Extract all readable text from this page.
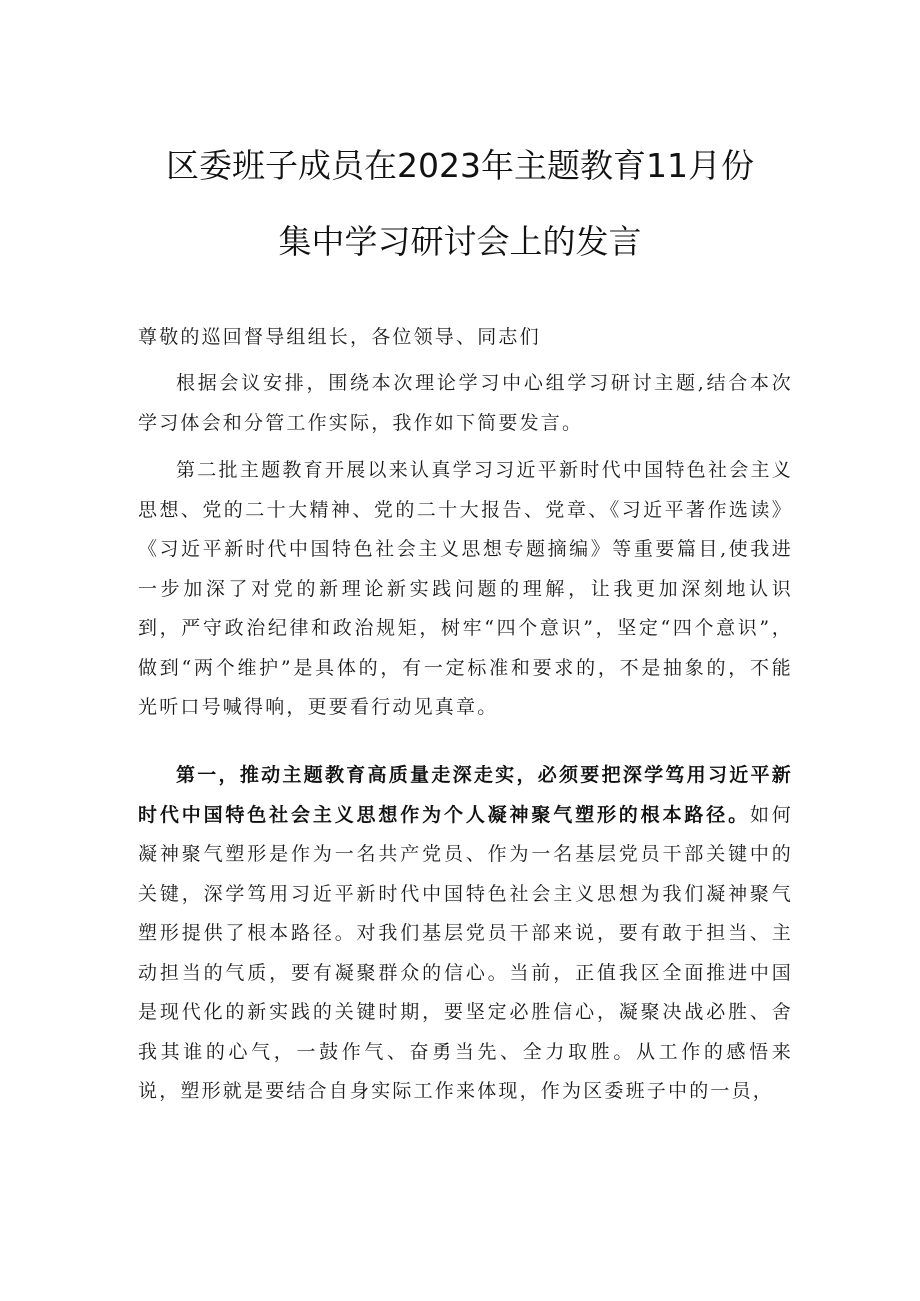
区委班子成员在2023年主题教育11月份
集中学习研讨会上的发言
尊敬的巡回督导组组长，各位领导、同志们

根据会议安排，围绕本次理论学习中心组学习研讨主题,结合本次学习体会和分管工作实际，我作如下简要发言。

第二批主题教育开展以来认真学习习近平新时代中国特色社会主义思想、党的二十大精神、党的二十大报告、党章、《习近平著作选读》《习近平新时代中国特色社会主义思想专题摘编》等重要篇目,使我进一步加深了对党的新理论新实践问题的理解，让我更加深刻地认识到，严守政治纪律和政治规矩，树牢“四个意识”，坚定“四个意识”，做到“两个维护”是具体的，有一定标准和要求的，不是抽象的，不能光听口号喊得响，更要看行动见真章。

第一，推动主题教育高质量走深走实，必须要把深学笃用习近平新时代中国特色社会主义思想作为个人凝神聚气塑形的根本路径。如何凝神聚气塑形是作为一名共产党员、作为一名基层党员干部关键中的关键，深学笃用习近平新时代中国特色社会主义思想为我们凝神聚气塑形提供了根本路径。对我们基层党员干部来说，要有敢于担当、主动担当的气质，要有凝聚群众的信心。当前，正值我区全面推进中国是现代化的新实践的关键时期，要坚定必胜信心，凝聚决战必胜、舍我其谁的心气，一鼓作气、奋勇当先、全力取胜。从工作的感悟来说，塑形就是要结合自身实际工作来体现，作为区委班子中的一员，
